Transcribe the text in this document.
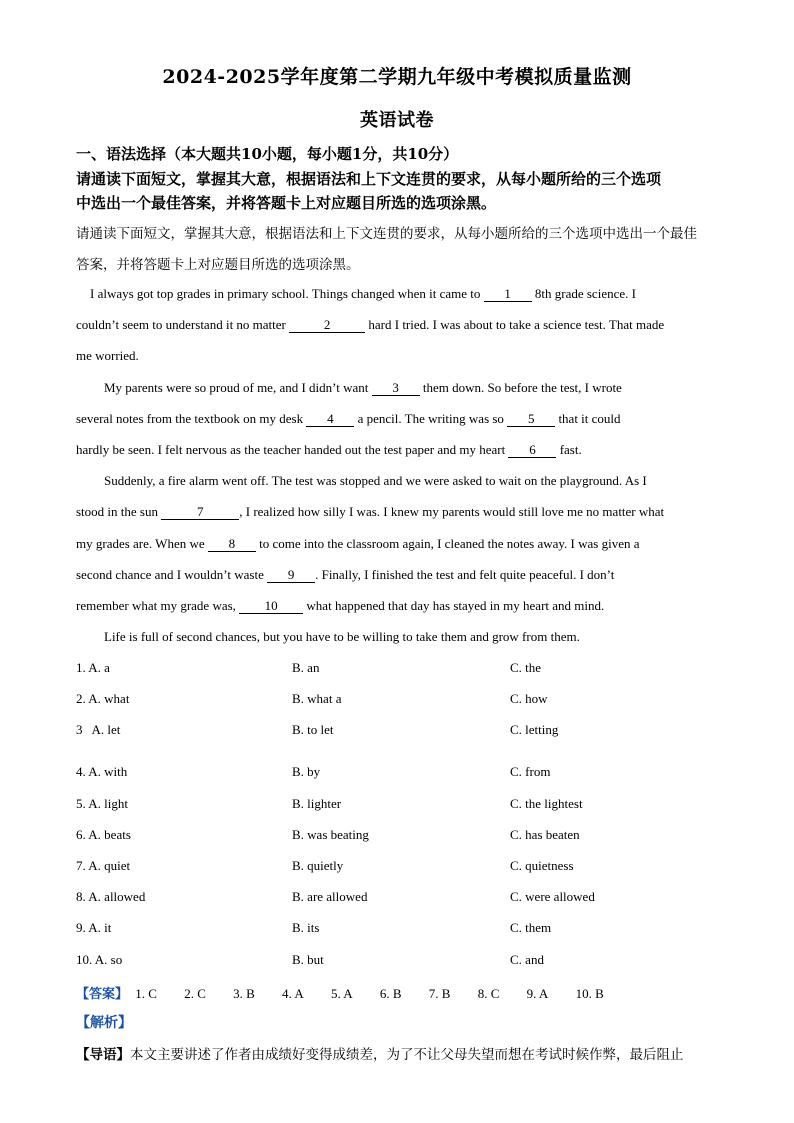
2024-2025学年度第二学期九年级中考模拟质量监测
英语试卷
一、语法选择（本大题共10小题，每小题1分，共10分）
请通读下面短文，掌握其大意，根据语法和上下文连贯的要求，从每小题所给的三个选项
中选出一个最佳答案，并将答题卡上对应题目所选的选项涂黑。
请通读下面短文，掌握其大意，根据语法和上下文连贯的要求，从每小题所给的三个选项中选出一个最佳
答案，并将答题卡上对应题目所选的选项涂黑。
I always got top grades in primary school. Things changed when it came to 1 8th grade science. I
couldn’t seem to understand it no matter	2	hard I tried. I was about to take a science test. That made
me worried.
My parents were so proud of me, and I didn’t want 3 them down. So before the test, I wrote
several notes from the textbook on my desk 4 a pencil. The writing was so 5 that it could
hardly be seen. I felt nervous as the teacher handed out the test paper and my heart 6 fast.
Suddenly, a fire alarm went off. The test was stopped and we were asked to wait on the playground. As I
stood in the sun	7	, I realized how silly I was. I knew my parents would still love me no matter what
my grades are. When we 8 to come into the classroom again, I cleaned the notes away. I was given a
second chance and I wouldn’t waste 9 . Finally, I finished the test and felt quite peaceful. I don’t
remember what my grade was, 10 what happened that day has stayed in my heart and mind.
Life is full of second chances, but you have to be willing to take them and grow from them.
1. A. a	B. an	C. the
2. A. what	B. what a	C. how
3   A. let	B. to let	C. letting
4. A. with	B. by	C. from
5. A. light	B. lighter	C. the lightest
6. A. beats	B. was beating	C. has beaten
7. A. quiet	B. quietly	C. quietness
8. A. allowed	B. are allowed	C. were allowed
9. A. it	B. its	C. them
10. A. so	B. but	C. and
【答案】 1. C 2. C 3. B 4. A 5. A 6. B 7. B 8. C 9. A 10. B
【解析】
【导语】本文主要讲述了作者由成绩好变得成绩差，为了不让父母失望而想在考试时候作弊，最后阻止
